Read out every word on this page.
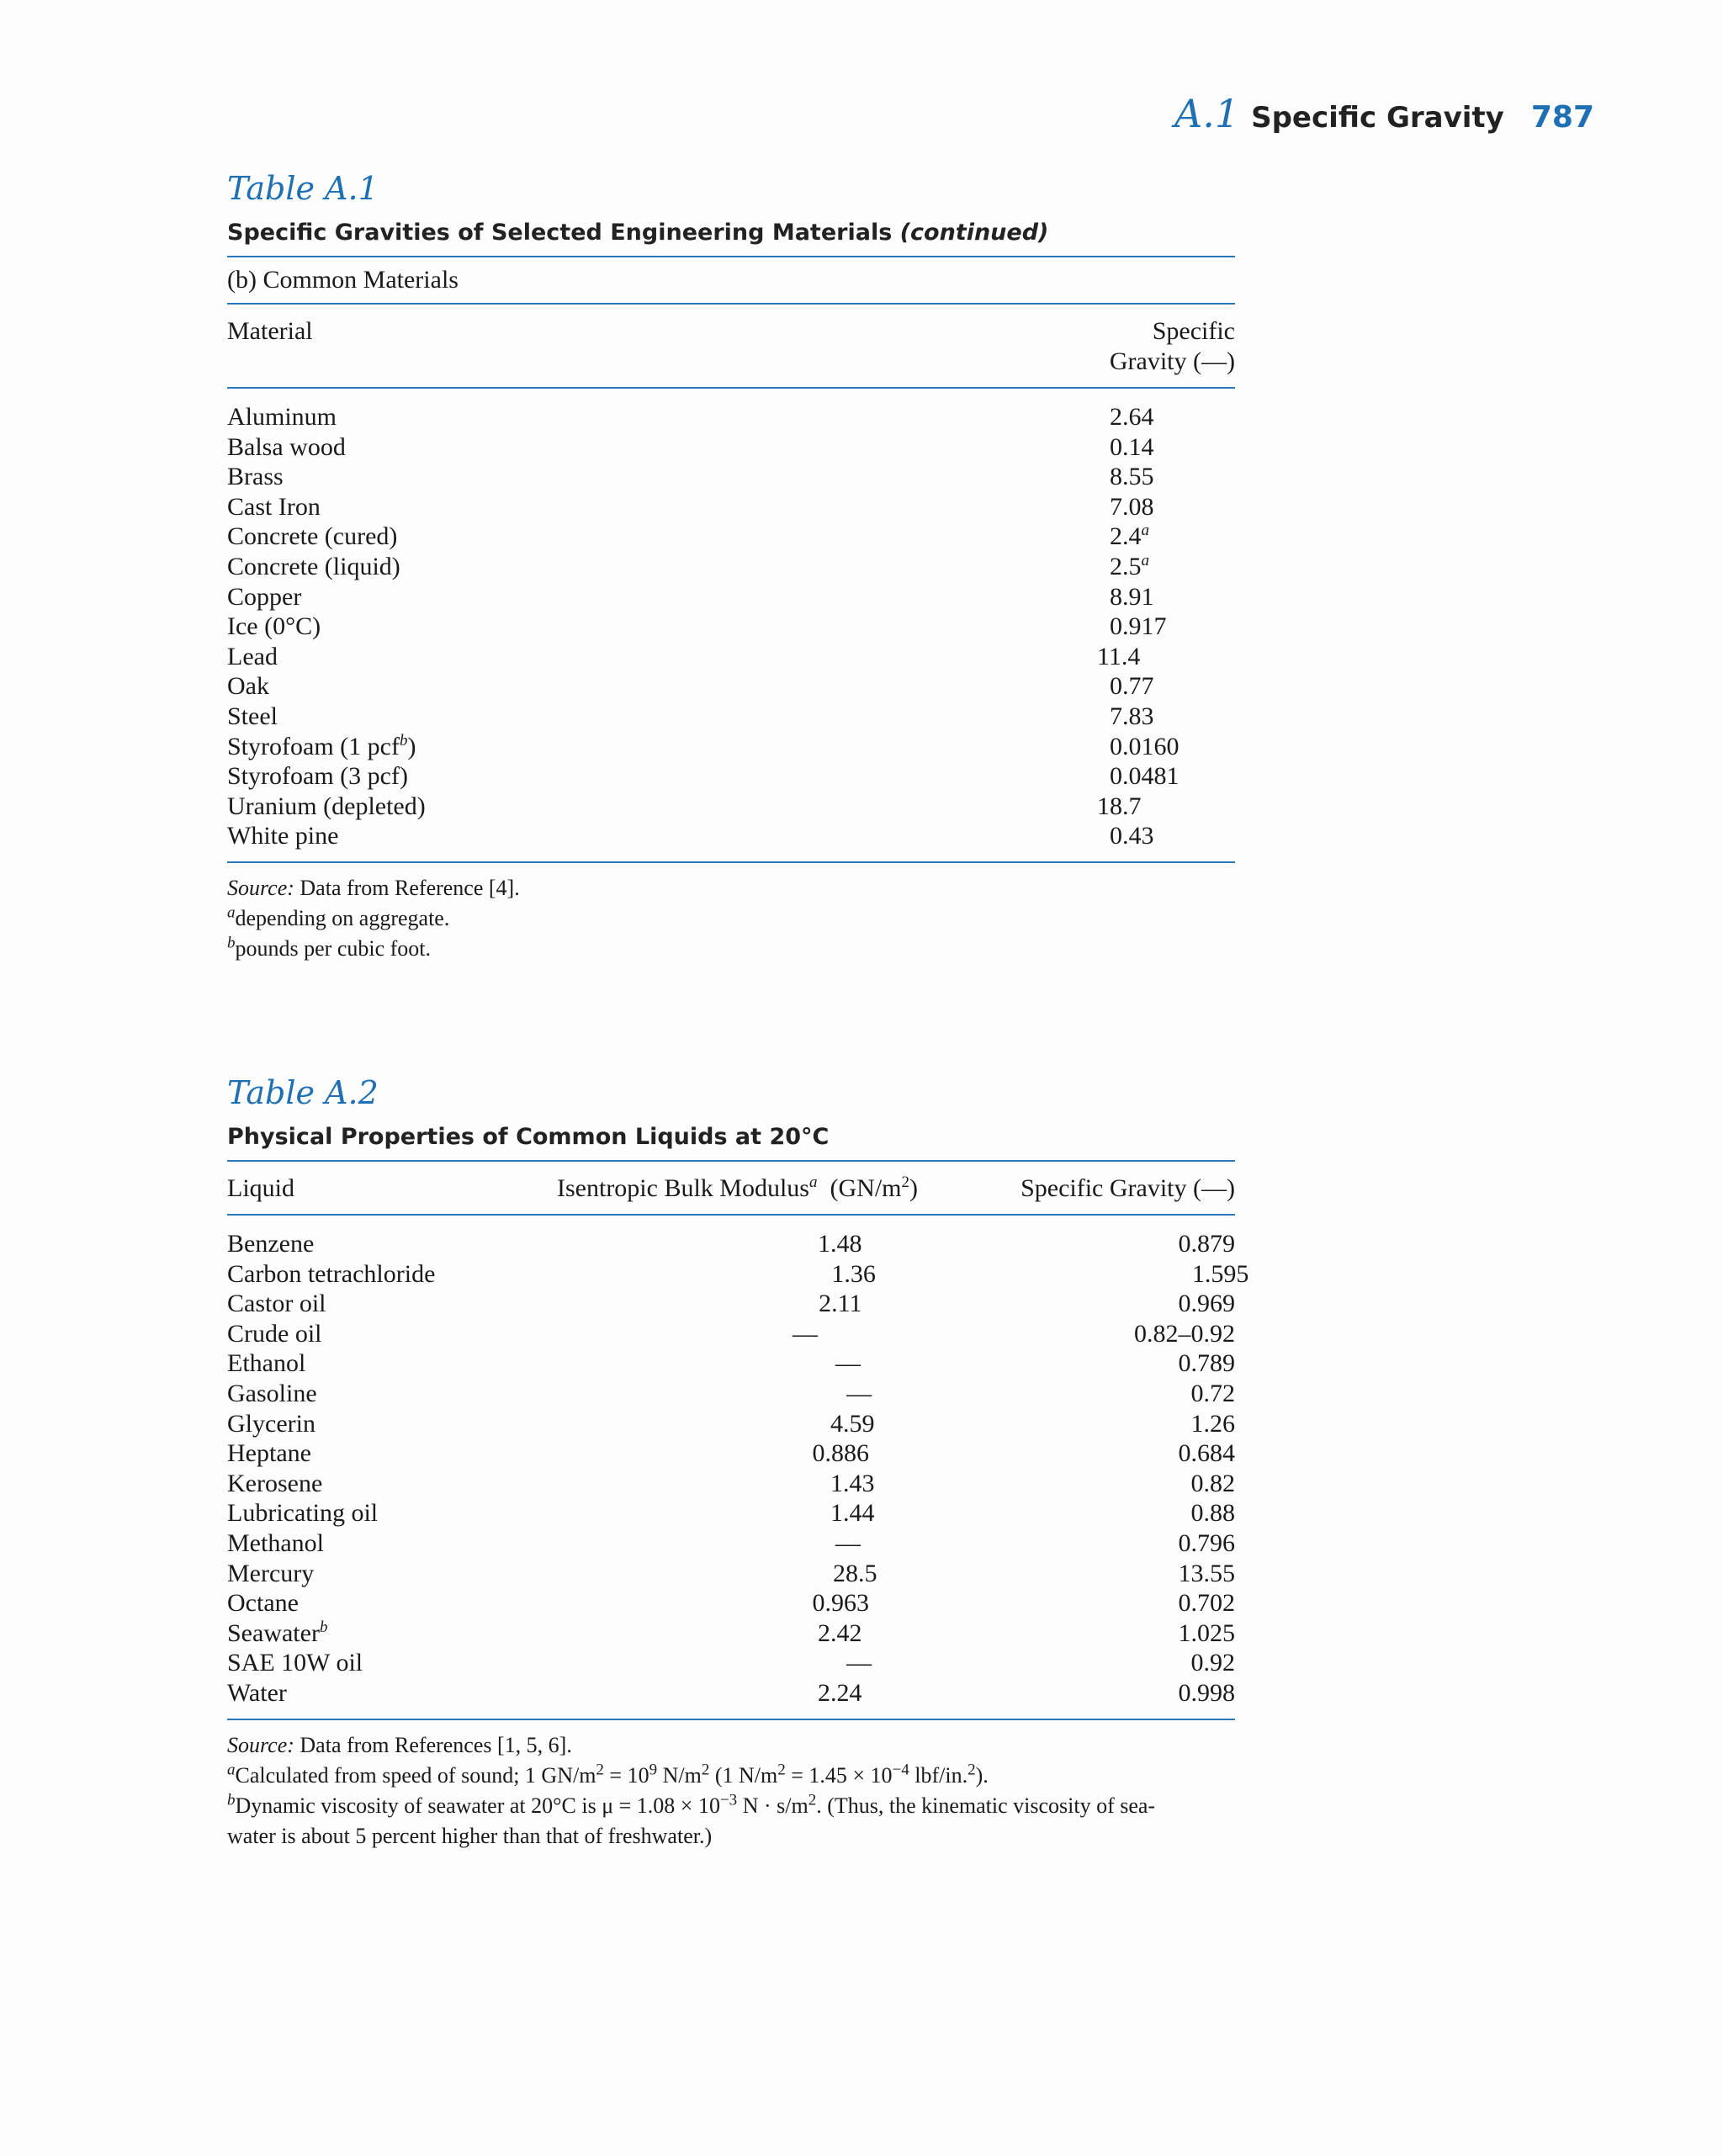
A.1 Specific Gravity 787
Table A.1
Specific Gravities of Selected Engineering Materials (continued)
(b) Common Materials
Material	Specific Gravity (—)
Aluminum	2.64
Balsa wood	0.14
Brass	8.55
Cast Iron	7.08
Concrete (cured)	2.4$^a$
Concrete (liquid)	2.5$^a$
Copper	8.91
Ice (0°C)	0.917
Lead	11.4
Oak	0.77
Steel	7.83
Styrofoam (1 pcf$^b$)	0.0160
Styrofoam (3 pcf)	0.0481
Uranium (depleted)	18.7
White pine	0.43

Source: Data from Reference [4].

$^a$depending on aggregate.

$^b$pounds per cubic foot.

Table A.2
Physical Properties of Common Liquids at 20°C
Liquid	Isentropic Bulk Modulus$^a$ $(GN/m^2)$	Specific Gravity (—)
Benzene	1.48	0.879
Carbon tetrachloride	1.36	1.595
Castor oil	2.11	0.969
Crude oil	—	0.82–0.92
Ethanol	—	0.789
Gasoline	—	0.72
Glycerin	4.59	1.26
Heptane	0.886	0.684
Kerosene	1.43	0.82
Lubricating oil	1.44	0.88
Methanol	—	0.796
Mercury	28.5	13.55
Octane	0.963	0.702
Seawater$^b$	2.42	1.025
SAE 10W oil	—	0.92
Water	2.24	0.998

Source: Data from References [1, 5, 6].

$^a$Calculated from speed of sound; 1 $GN/m^2 = 10^9$ $N/m^2$ (1 $N/m^2 = 1.45 \times 10^{-4}$ lbf/in.$^2$).

$^b$Dynamic viscosity of seawater at 20°C is $\mu = 1.08 \times 10^{-3}$ $N \cdot s/m^2$. (Thus, the kinematic viscosity of sea-
water is about 5 percent higher than that of freshwater.)
